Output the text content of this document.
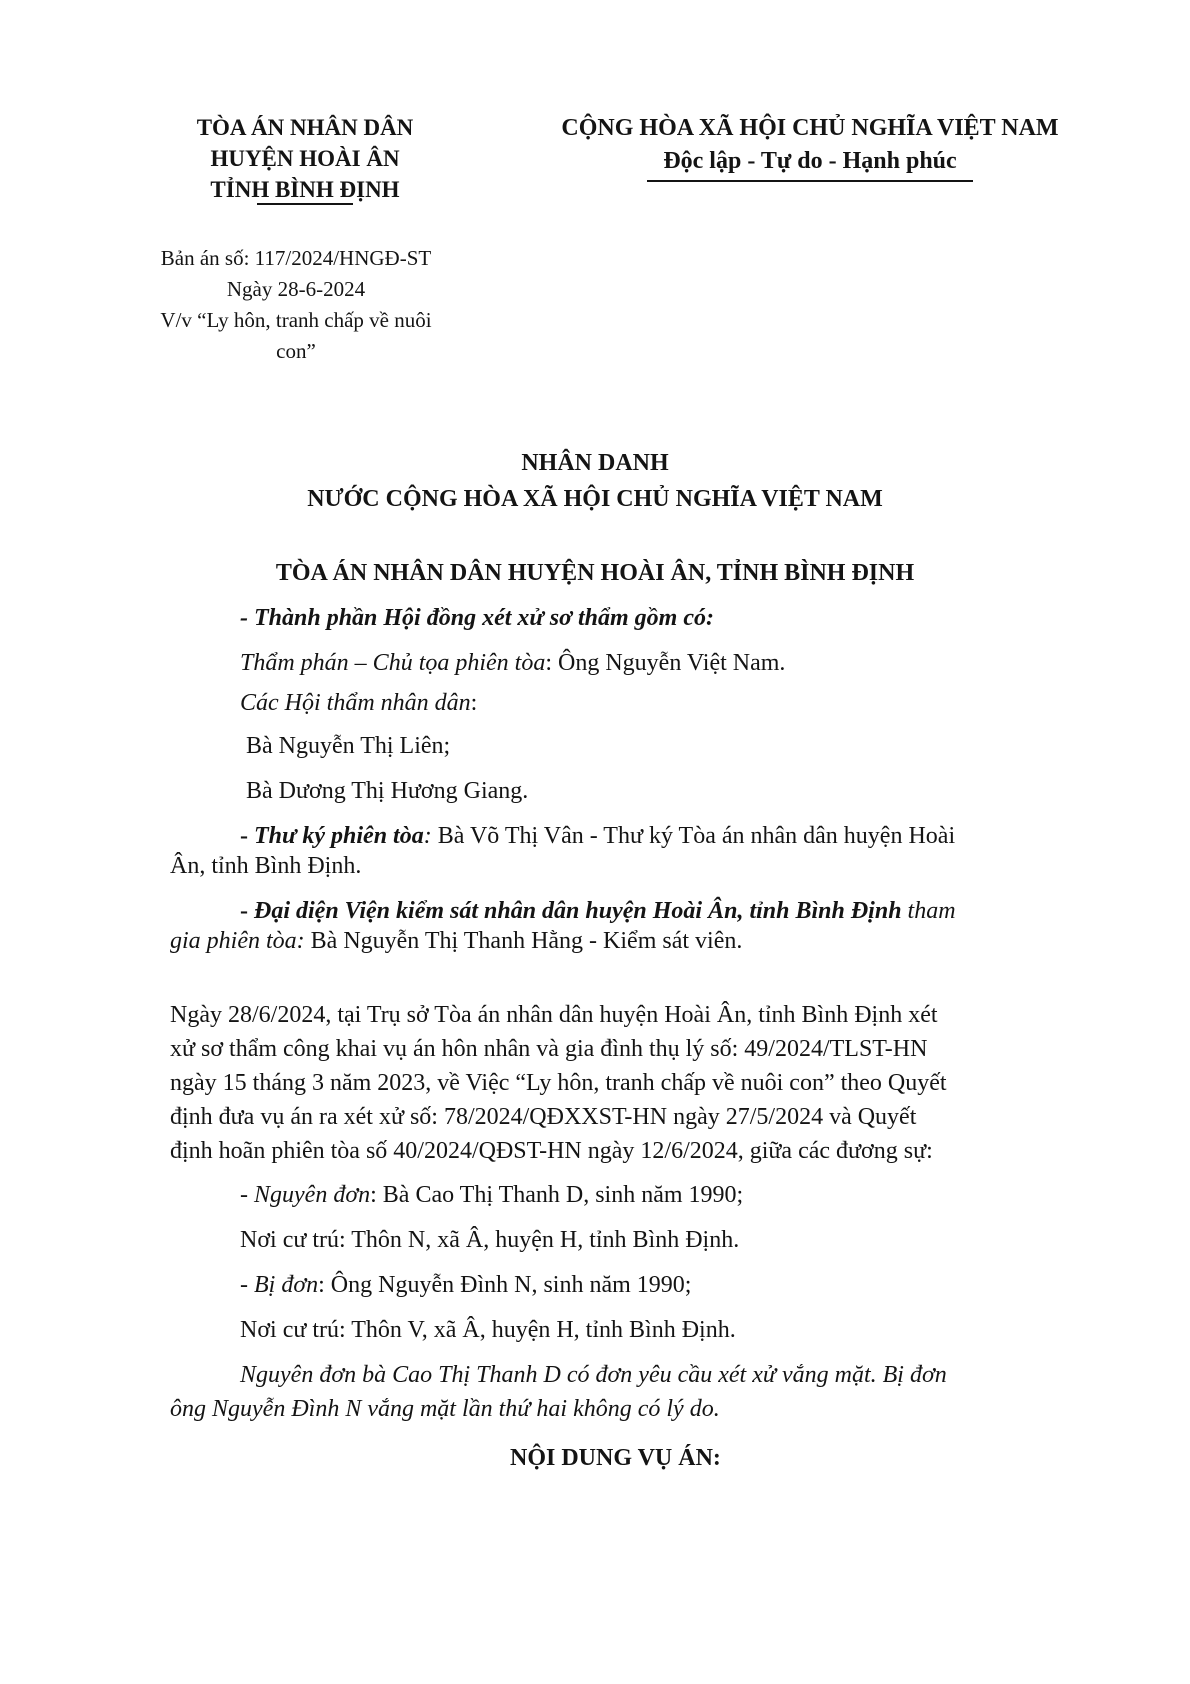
TÒA ÁN NHÂN DÂN
HUYỆN HOÀI ÂN
TỈNH BÌNH ĐỊNH
CỘNG HÒA XÃ HỘI CHỦ NGHĨA VIỆT NAM
Độc lập - Tự do - Hạnh phúc
Bản án số: 117/2024/HNGĐ-ST
Ngày 28-6-2024
V/v “Ly hôn, tranh chấp về nuôi
con”
NHÂN DANH
NƯỚC CỘNG HÒA XÃ HỘI CHỦ NGHĨA VIỆT NAM
TÒA ÁN NHÂN DÂN HUYỆN HOÀI ÂN, TỈNH BÌNH ĐỊNH
- Thành phần Hội đồng xét xử sơ thẩm gồm có:
Thẩm phán – Chủ tọa phiên tòa: Ông Nguyễn Việt Nam.
Các Hội thẩm nhân dân:
Bà Nguyễn Thị Liên;
Bà Dương Thị Hương Giang.
- Thư ký phiên tòa: Bà Võ Thị Vân - Thư ký Tòa án nhân dân huyện Hoài
Ân, tỉnh Bình Định.
- Đại diện Viện kiểm sát nhân dân huyện Hoài Ân, tỉnh Bình Định tham
gia phiên tòa: Bà Nguyễn Thị Thanh Hằng - Kiểm sát viên.
Ngày 28/6/2024, tại Trụ sở Tòa án nhân dân huyện Hoài Ân, tỉnh Bình Định xét
xử sơ thẩm công khai vụ án hôn nhân và gia đình thụ lý số: 49/2024/TLST-HN
ngày 15 tháng 3 năm 2023, về Việc “Ly hôn, tranh chấp về nuôi con” theo Quyết
định đưa vụ án ra xét xử số: 78/2024/QĐXXST-HN ngày 27/5/2024 và Quyết
định hoãn phiên tòa số 40/2024/QĐST-HN ngày 12/6/2024, giữa các đương sự:
- Nguyên đơn: Bà Cao Thị Thanh D, sinh năm 1990;
Nơi cư trú: Thôn N, xã Â, huyện H, tỉnh Bình Định.
- Bị đơn: Ông Nguyễn Đình N, sinh năm 1990;
Nơi cư trú: Thôn V, xã Â, huyện H, tỉnh Bình Định.
Nguyên đơn bà Cao Thị Thanh D có đơn yêu cầu xét xử vắng mặt. Bị đơn
ông Nguyễn Đình N vắng mặt lần thứ hai không có lý do.
NỘI DUNG VỤ ÁN:
